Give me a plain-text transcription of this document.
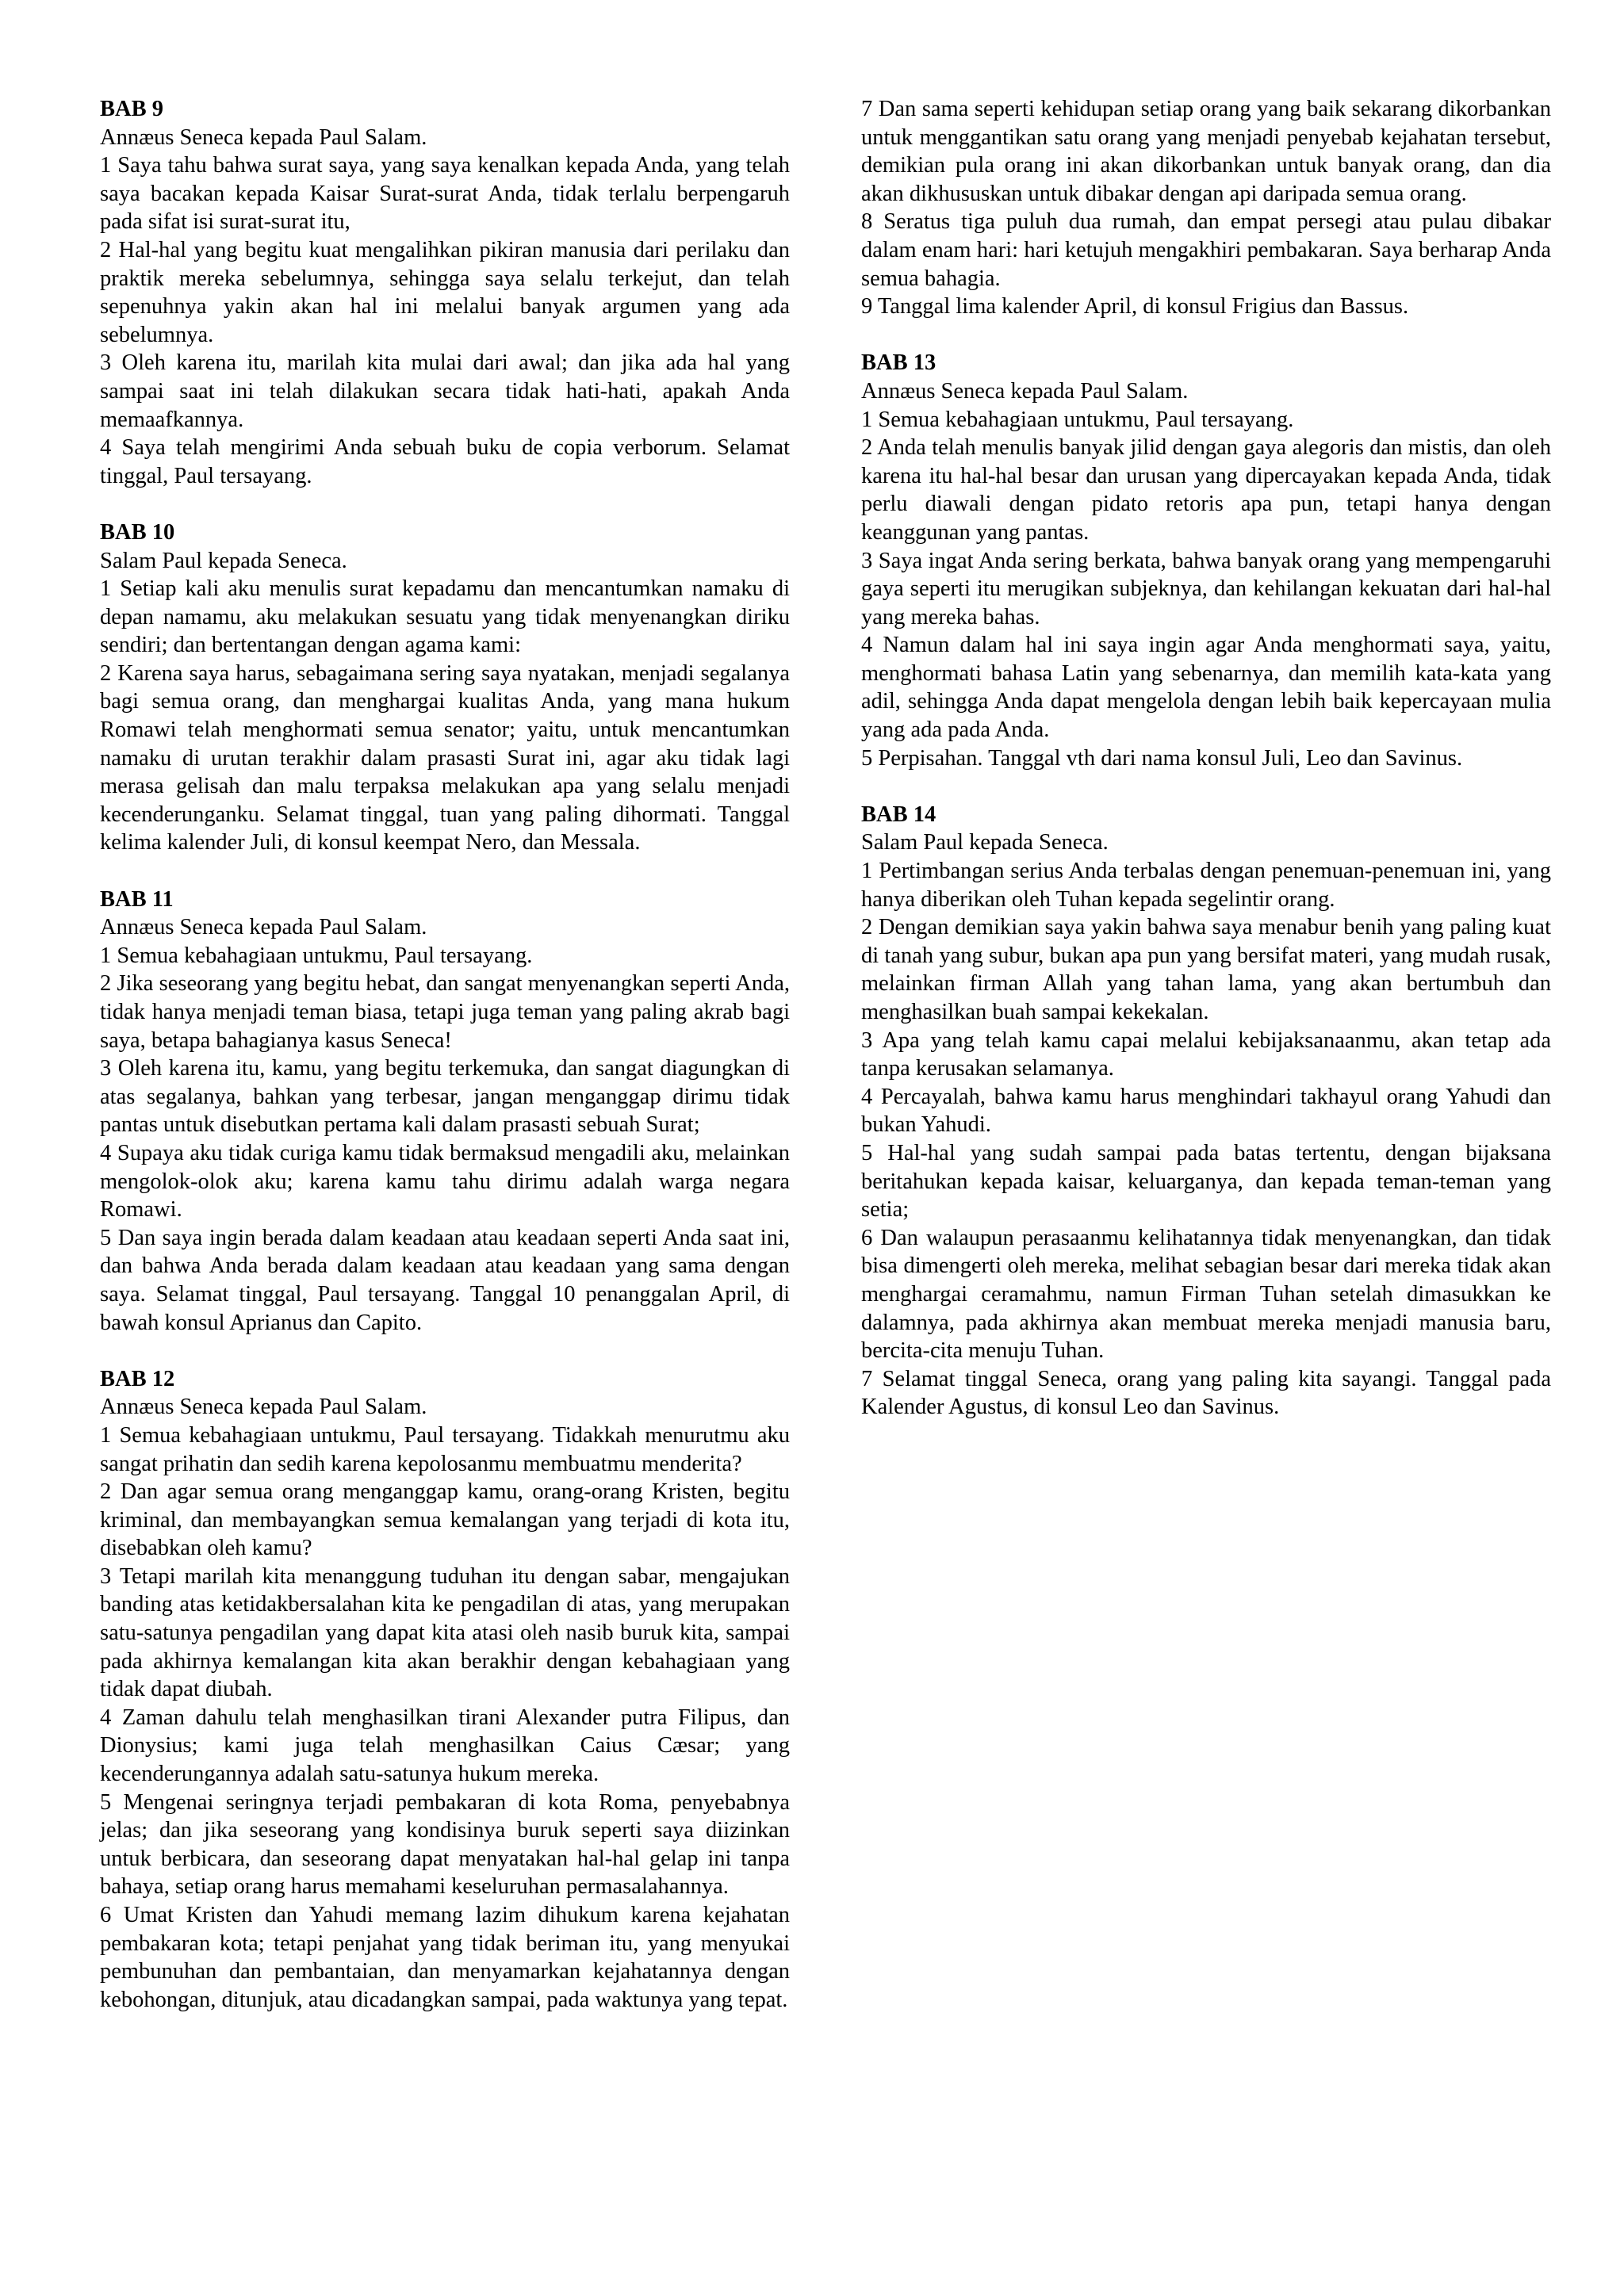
BAB 9

Annæus Seneca kepada Paul Salam.

1 Saya tahu bahwa surat saya, yang saya kenalkan kepada Anda, yang telah saya bacakan kepada Kaisar Surat-surat Anda, tidak terlalu berpengaruh pada sifat isi surat-surat itu,

2 Hal-hal yang begitu kuat mengalihkan pikiran manusia dari perilaku dan praktik mereka sebelumnya, sehingga saya selalu terkejut, dan telah sepenuhnya yakin akan hal ini melalui banyak argumen yang ada sebelumnya.

3 Oleh karena itu, marilah kita mulai dari awal; dan jika ada hal yang sampai saat ini telah dilakukan secara tidak hati-hati, apakah Anda memaafkannya.

4 Saya telah mengirimi Anda sebuah buku de copia verborum. Selamat tinggal, Paul tersayang.

BAB 10

Salam Paul kepada Seneca.

1 Setiap kali aku menulis surat kepadamu dan mencantumkan namaku di depan namamu, aku melakukan sesuatu yang tidak menyenangkan diriku sendiri; dan bertentangan dengan agama kami:

2 Karena saya harus, sebagaimana sering saya nyatakan, menjadi segalanya bagi semua orang, dan menghargai kualitas Anda, yang mana hukum Romawi telah menghormati semua senator; yaitu, untuk mencantumkan namaku di urutan terakhir dalam prasasti Surat ini, agar aku tidak lagi merasa gelisah dan malu terpaksa melakukan apa yang selalu menjadi kecenderunganku. Selamat tinggal, tuan yang paling dihormati. Tanggal kelima kalender Juli, di konsul keempat Nero, dan Messala.

BAB 11

Annæus Seneca kepada Paul Salam.

1 Semua kebahagiaan untukmu, Paul tersayang.

2 Jika seseorang yang begitu hebat, dan sangat menyenangkan seperti Anda, tidak hanya menjadi teman biasa, tetapi juga teman yang paling akrab bagi saya, betapa bahagianya kasus Seneca!

3 Oleh karena itu, kamu, yang begitu terkemuka, dan sangat diagungkan di atas segalanya, bahkan yang terbesar, jangan menganggap dirimu tidak pantas untuk disebutkan pertama kali dalam prasasti sebuah Surat;

4 Supaya aku tidak curiga kamu tidak bermaksud mengadili aku, melainkan mengolok-olok aku; karena kamu tahu dirimu adalah warga negara Romawi.

5 Dan saya ingin berada dalam keadaan atau keadaan seperti Anda saat ini, dan bahwa Anda berada dalam keadaan atau keadaan yang sama dengan saya. Selamat tinggal, Paul tersayang. Tanggal 10 penanggalan April, di bawah konsul Aprianus dan Capito.

BAB 12

Annæus Seneca kepada Paul Salam.

1 Semua kebahagiaan untukmu, Paul tersayang. Tidakkah menurutmu aku sangat prihatin dan sedih karena kepolosanmu membuatmu menderita?

2 Dan agar semua orang menganggap kamu, orang-orang Kristen, begitu kriminal, dan membayangkan semua kemalangan yang terjadi di kota itu, disebabkan oleh kamu?

3 Tetapi marilah kita menanggung tuduhan itu dengan sabar, mengajukan banding atas ketidakbersalahan kita ke pengadilan di atas, yang merupakan satu-satunya pengadilan yang dapat kita atasi oleh nasib buruk kita, sampai pada akhirnya kemalangan kita akan berakhir dengan kebahagiaan yang tidak dapat diubah.

4 Zaman dahulu telah menghasilkan tirani Alexander putra Filipus, dan Dionysius; kami juga telah menghasilkan Caius Cæsar; yang kecenderungannya adalah satu-satunya hukum mereka.

5 Mengenai seringnya terjadi pembakaran di kota Roma, penyebabnya jelas; dan jika seseorang yang kondisinya buruk seperti saya diizinkan untuk berbicara, dan seseorang dapat menyatakan hal-hal gelap ini tanpa bahaya, setiap orang harus memahami keseluruhan permasalahannya.

6 Umat Kristen dan Yahudi memang lazim dihukum karena kejahatan pembakaran kota; tetapi penjahat yang tidak beriman itu, yang menyukai pembunuhan dan pembantaian, dan menyamarkan kejahatannya dengan kebohongan, ditunjuk, atau dicadangkan sampai, pada waktunya yang tepat.

7 Dan sama seperti kehidupan setiap orang yang baik sekarang dikorbankan untuk menggantikan satu orang yang menjadi penyebab kejahatan tersebut, demikian pula orang ini akan dikorbankan untuk banyak orang, dan dia akan dikhususkan untuk dibakar dengan api daripada semua orang.

8 Seratus tiga puluh dua rumah, dan empat persegi atau pulau dibakar dalam enam hari: hari ketujuh mengakhiri pembakaran. Saya berharap Anda semua bahagia.

9 Tanggal lima kalender April, di konsul Frigius dan Bassus.

BAB 13

Annæus Seneca kepada Paul Salam.

1 Semua kebahagiaan untukmu, Paul tersayang.

2 Anda telah menulis banyak jilid dengan gaya alegoris dan mistis, dan oleh karena itu hal-hal besar dan urusan yang dipercayakan kepada Anda, tidak perlu diawali dengan pidato retoris apa pun, tetapi hanya dengan keanggunan yang pantas.

3 Saya ingat Anda sering berkata, bahwa banyak orang yang mempengaruhi gaya seperti itu merugikan subjeknya, dan kehilangan kekuatan dari hal-hal yang mereka bahas.

4 Namun dalam hal ini saya ingin agar Anda menghormati saya, yaitu, menghormati bahasa Latin yang sebenarnya, dan memilih kata-kata yang adil, sehingga Anda dapat mengelola dengan lebih baik kepercayaan mulia yang ada pada Anda.

5 Perpisahan. Tanggal vth dari nama konsul Juli, Leo dan Savinus.

BAB 14

Salam Paul kepada Seneca.

1 Pertimbangan serius Anda terbalas dengan penemuan-penemuan ini, yang hanya diberikan oleh Tuhan kepada segelintir orang.

2 Dengan demikian saya yakin bahwa saya menabur benih yang paling kuat di tanah yang subur, bukan apa pun yang bersifat materi, yang mudah rusak, melainkan firman Allah yang tahan lama, yang akan bertumbuh dan menghasilkan buah sampai kekekalan.

3 Apa yang telah kamu capai melalui kebijaksanaanmu, akan tetap ada tanpa kerusakan selamanya.

4 Percayalah, bahwa kamu harus menghindari takhayul orang Yahudi dan bukan Yahudi.

5 Hal-hal yang sudah sampai pada batas tertentu, dengan bijaksana beritahukan kepada kaisar, keluarganya, dan kepada teman-teman yang setia;

6 Dan walaupun perasaanmu kelihatannya tidak menyenangkan, dan tidak bisa dimengerti oleh mereka, melihat sebagian besar dari mereka tidak akan menghargai ceramahmu, namun Firman Tuhan setelah dimasukkan ke dalamnya, pada akhirnya akan membuat mereka menjadi manusia baru, bercita-cita menuju Tuhan.

7 Selamat tinggal Seneca, orang yang paling kita sayangi. Tanggal pada Kalender Agustus, di konsul Leo dan Savinus.
